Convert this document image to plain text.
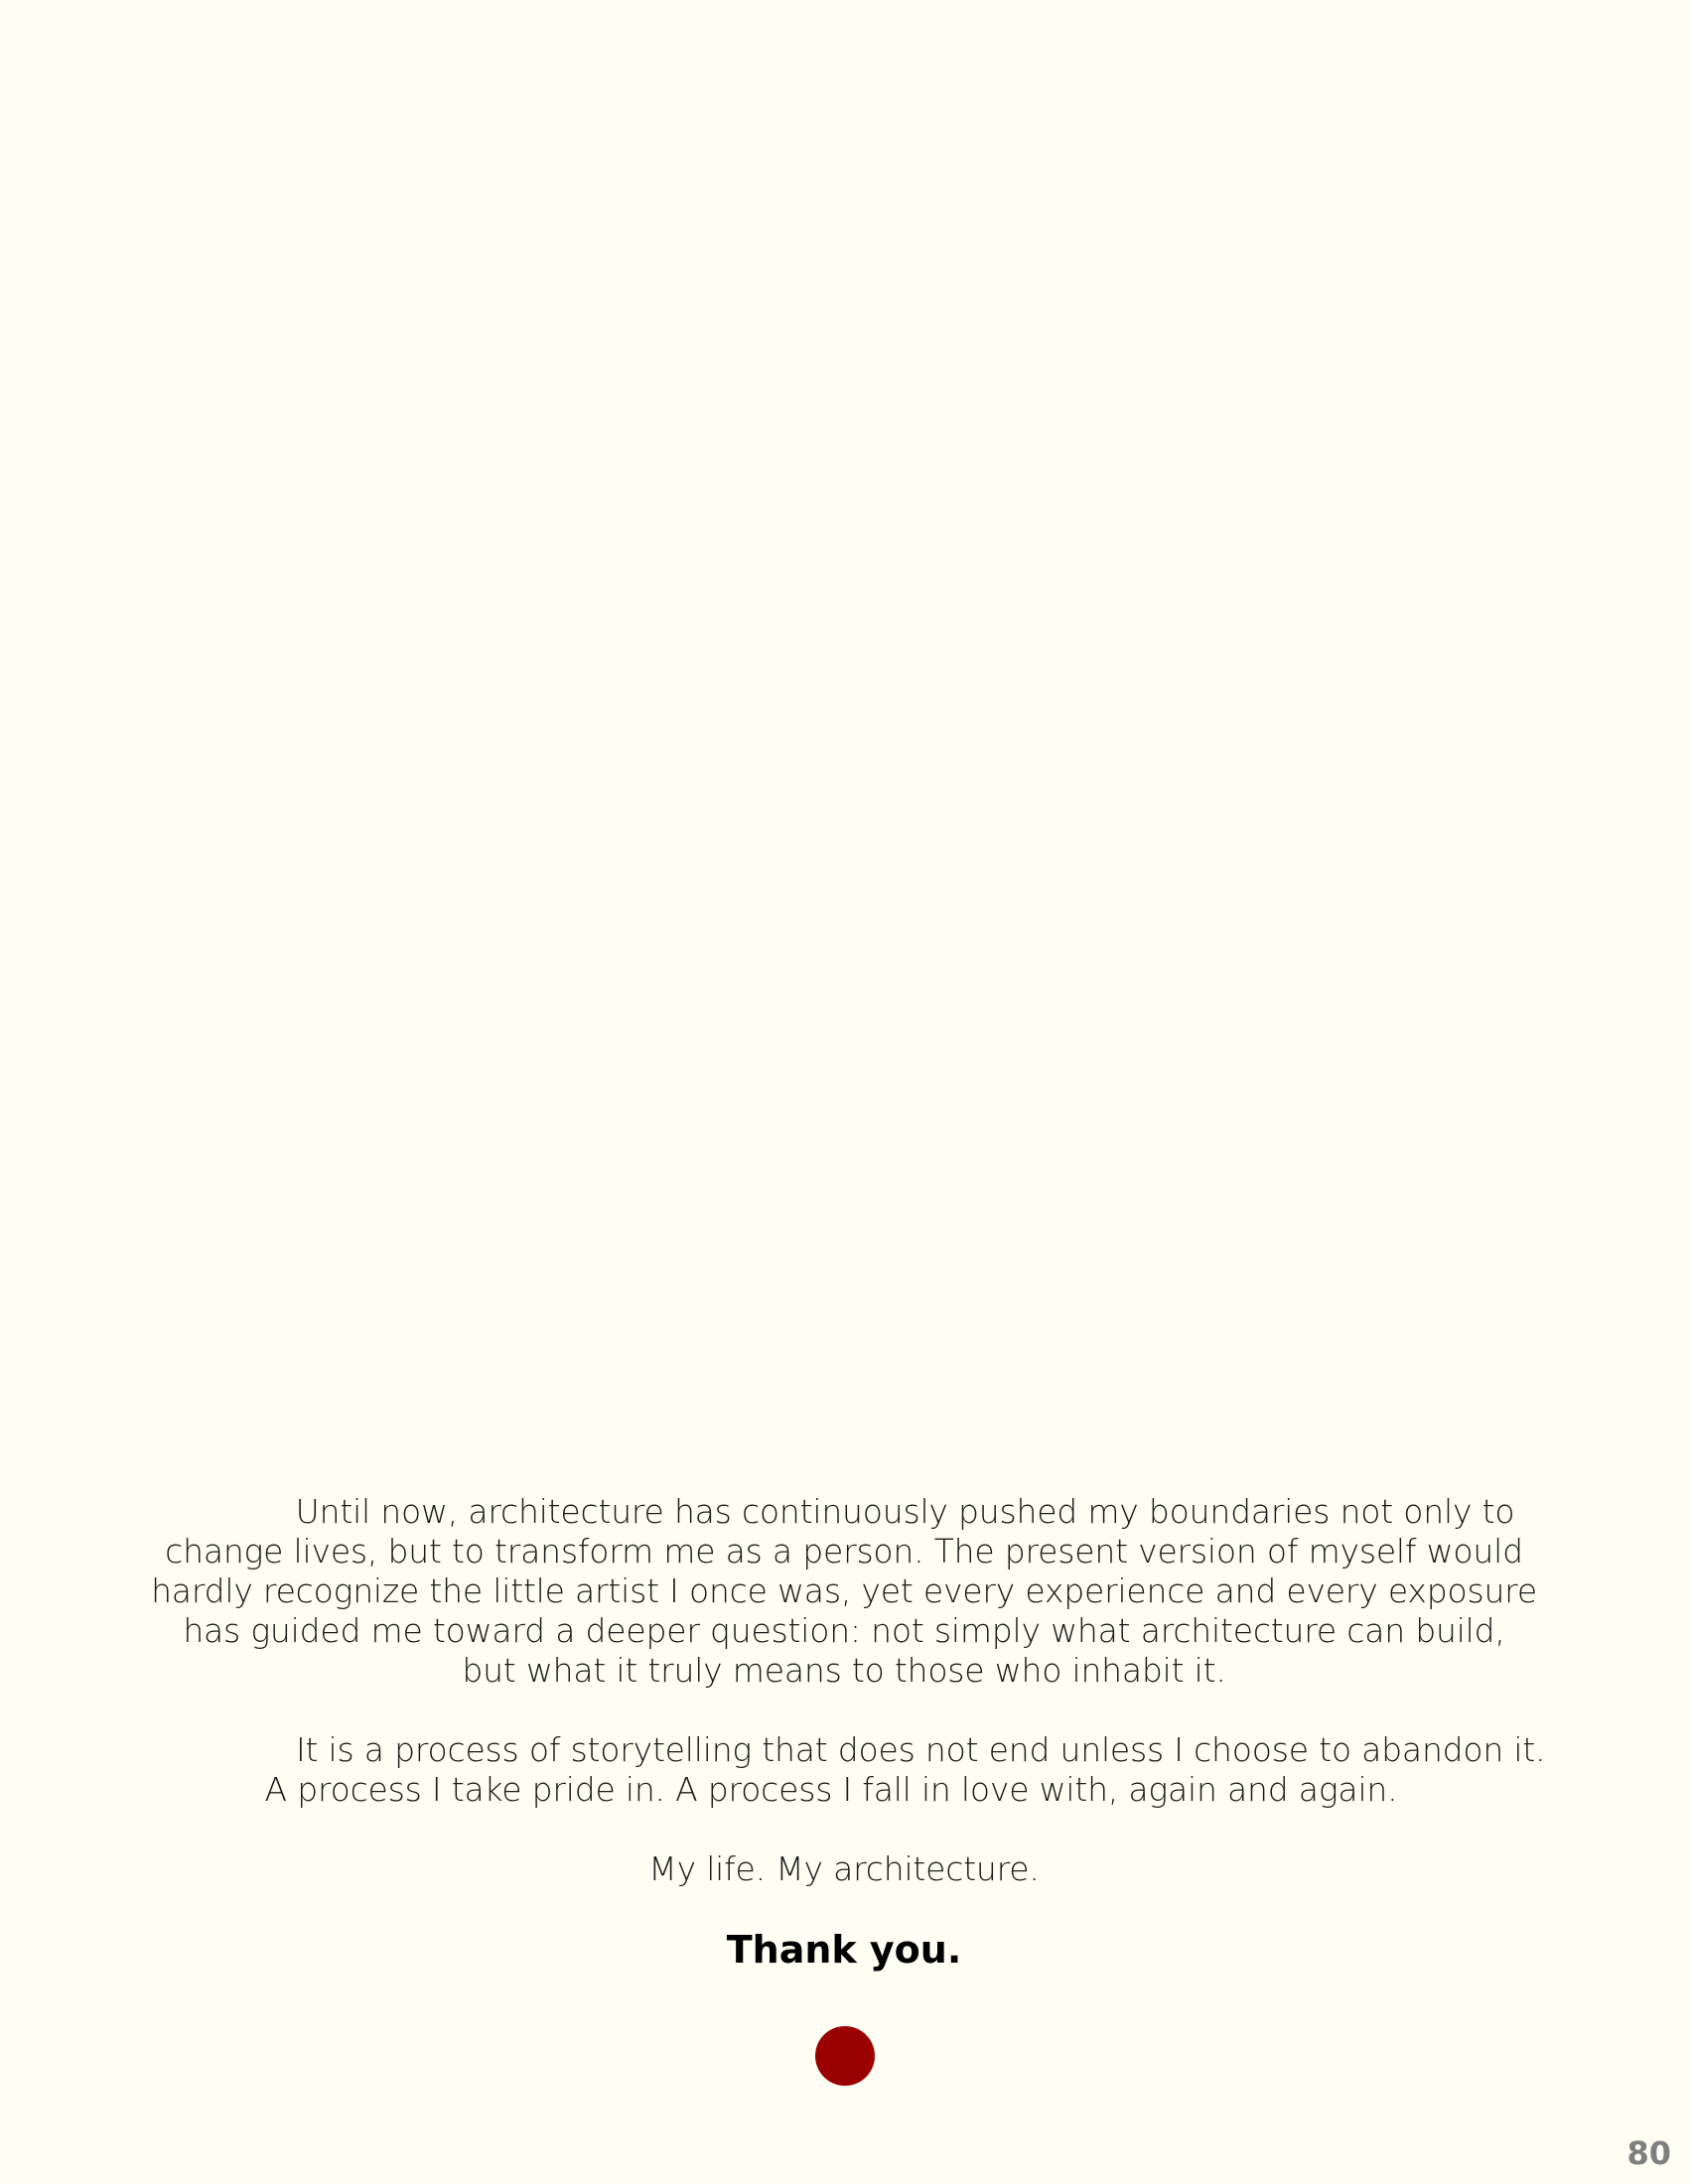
Until now, architecture has continuously pushed my boundaries not only to
change lives, but to transform me as a person. The present version of myself would
hardly recognize the little artist I once was, yet every experience and every exposure
has guided me toward a deeper question: not simply what architecture can build,
but what it truly means to those who inhabit it.

It is a process of storytelling that does not end unless I choose to abandon it.
A process I take pride in. A process I fall in love with, again and again.

My life. My architecture.

Thank you.

80
